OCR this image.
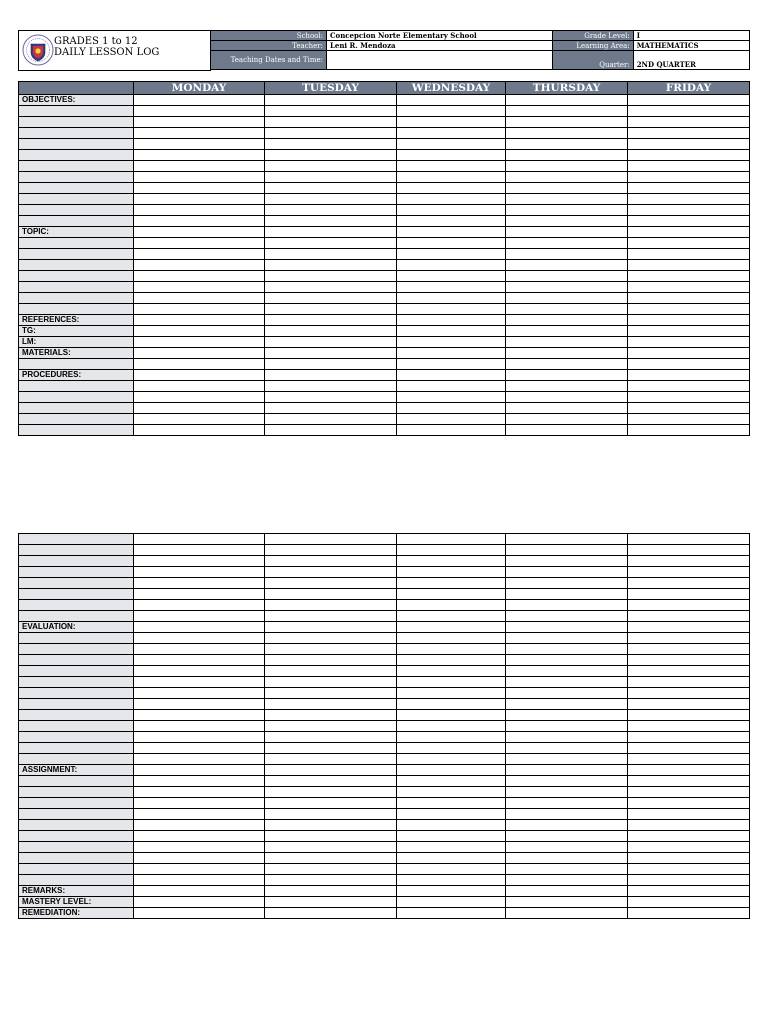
GRADES 1 to 12
DAILY LESSON LOG
School:	Concepcion Norte Elementary School	Grade Level:	I
Teacher:	Leni R. Mendoza	Learning Area:	MATHEMATICS
Teaching Dates and Time:		Quarter:	2ND QUARTER
	MONDAY	TUESDAY	WEDNESDAY	THURSDAY	FRIDAY
OBJECTIVES:					

TOPIC:					

REFERENCES:					
TG:					
LM:					
MATERIALS:					

PROCEDURES:					

EVALUATION:					

ASSIGNMENT:					

REMARKS:					
MASTERY LEVEL:					
REMEDIATION:					
